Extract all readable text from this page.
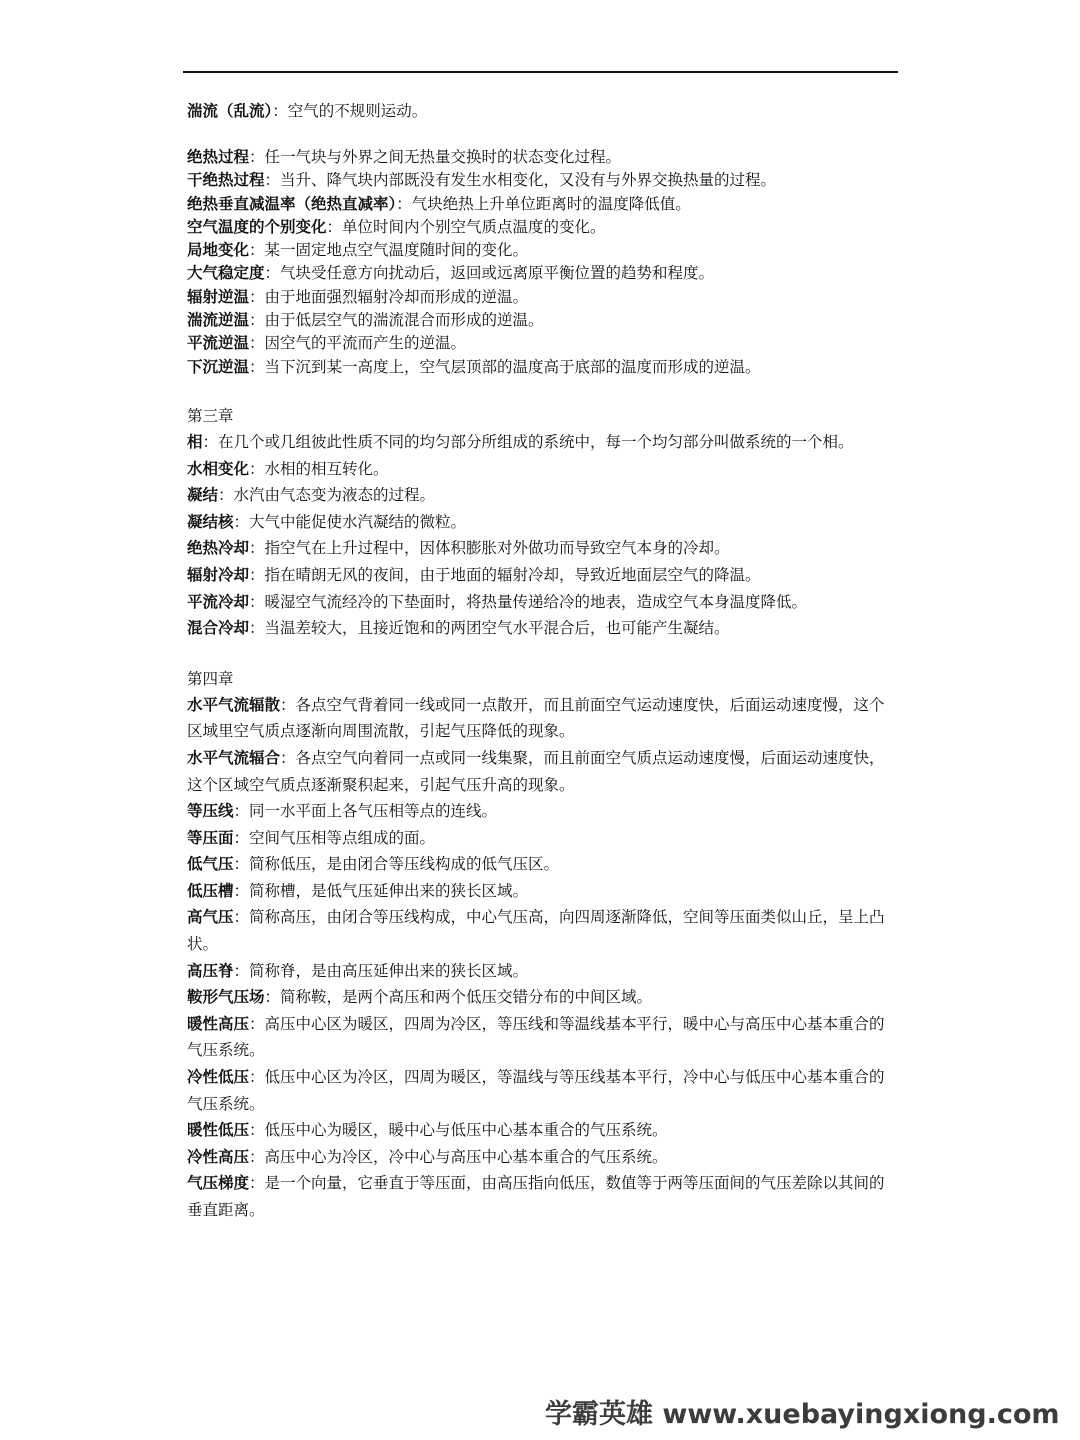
湍流（乱流）：空气的不规则运动。

绝热过程：任一气块与外界之间无热量交换时的状态变化过程。

干绝热过程：当升、降气块内部既没有发生水相变化，又没有与外界交换热量的过程。

绝热垂直减温率（绝热直减率）：气块绝热上升单位距离时的温度降低值。

空气温度的个别变化：单位时间内个别空气质点温度的变化。

局地变化：某一固定地点空气温度随时间的变化。

大气稳定度：气块受任意方向扰动后，返回或远离原平衡位置的趋势和程度。

辐射逆温：由于地面强烈辐射冷却而形成的逆温。

湍流逆温：由于低层空气的湍流混合而形成的逆温。

平流逆温：因空气的平流而产生的逆温。

下沉逆温：当下沉到某一高度上，空气层顶部的温度高于底部的温度而形成的逆温。

第三章

相：在几个或几组彼此性质不同的均匀部分所组成的系统中，每一个均匀部分叫做系统的一个相。

水相变化：水相的相互转化。

凝结：水汽由气态变为液态的过程。

凝结核：大气中能促使水汽凝结的微粒。

绝热冷却：指空气在上升过程中，因体积膨胀对外做功而导致空气本身的冷却。

辐射冷却：指在晴朗无风的夜间，由于地面的辐射冷却，导致近地面层空气的降温。

平流冷却：暖湿空气流经冷的下垫面时，将热量传递给冷的地表，造成空气本身温度降低。

混合冷却：当温差较大，且接近饱和的两团空气水平混合后，也可能产生凝结。

第四章

水平气流辐散：各点空气背着同一线或同一点散开，而且前面空气运动速度快，后面运动速度慢，这个区域里空气质点逐渐向周围流散，引起气压降低的现象。

水平气流辐合：各点空气向着同一点或同一线集聚，而且前面空气质点运动速度慢，后面运动速度快，这个区域空气质点逐渐聚积起来，引起气压升高的现象。

等压线：同一水平面上各气压相等点的连线。

等压面：空间气压相等点组成的面。

低气压：简称低压，是由闭合等压线构成的低气压区。

低压槽：简称槽，是低气压延伸出来的狭长区域。

高气压：简称高压，由闭合等压线构成，中心气压高，向四周逐渐降低，空间等压面类似山丘，呈上凸状。

高压脊：简称脊，是由高压延伸出来的狭长区域。

鞍形气压场：简称鞍，是两个高压和两个低压交错分布的中间区域。

暖性高压：高压中心区为暖区，四周为冷区，等压线和等温线基本平行，暖中心与高压中心基本重合的气压系统。

冷性低压：低压中心区为冷区，四周为暖区，等温线与等压线基本平行，冷中心与低压中心基本重合的气压系统。

暖性低压：低压中心为暖区，暖中心与低压中心基本重合的气压系统。

冷性高压：高压中心为冷区，冷中心与高压中心基本重合的气压系统。

气压梯度：是一个向量，它垂直于等压面，由高压指向低压，数值等于两等压面间的气压差除以其间的垂直距离。

学霸英雄 www.xuebayingxiong.com
